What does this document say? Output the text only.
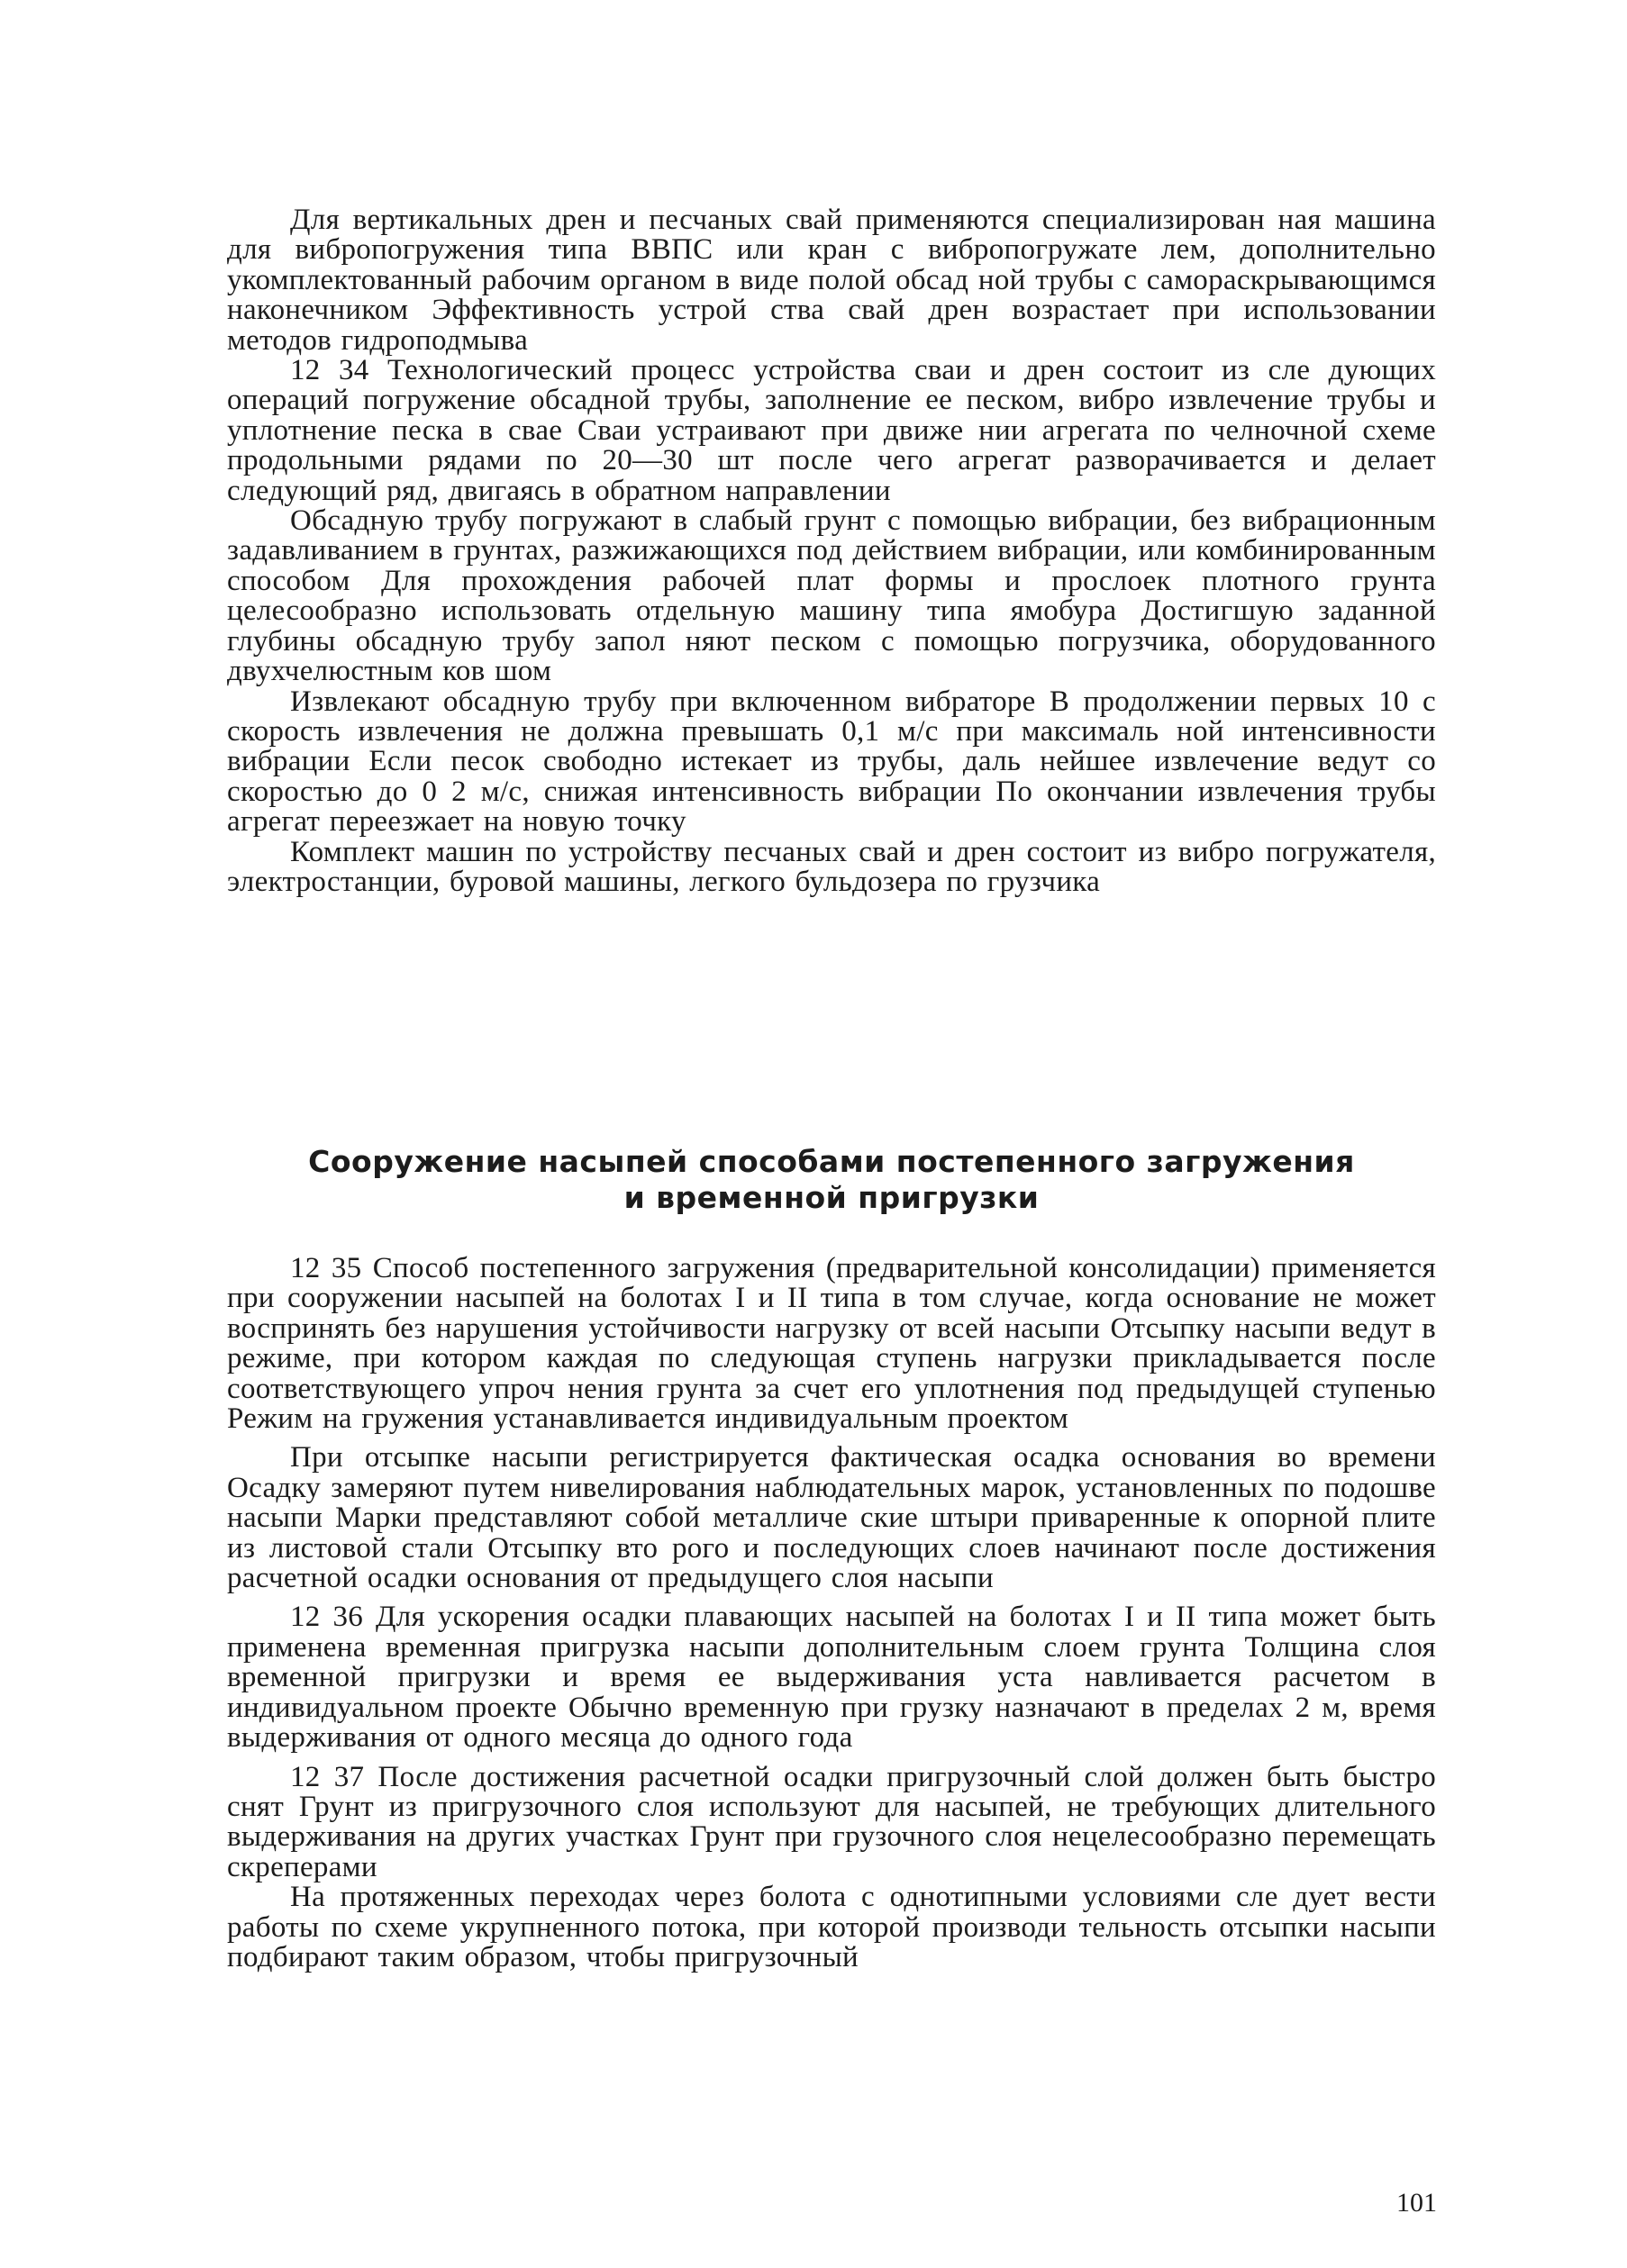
Для вертикальных дрен и песчаных свай применяются специализирован ная машина для вибропогружения типа ВВПС или кран с вибропогружате лем, дополнительно укомплектованный рабочим органом в виде полой обсад ной трубы с самораскрывающимся наконечником Эффективность устрой ства свай дрен возрастает при использовании методов гидроподмыва

12 34 Технологический процесс устройства сваи и дрен состоит из сле дующих операций погружение обсадной трубы, заполнение ее песком, вибро извлечение трубы и уплотнение песка в свае Сваи устраивают при движе нии агрегата по челночной схеме продольными рядами по 20—30 шт после чего агрегат разворачивается и делает следующий ряд, двигаясь в обратном направлении

Обсадную трубу погружают в слабый грунт с помощью вибрации, без вибрационным задавливанием в грунтах, разжижающихся под действием вибрации, или комбинированным способом Для прохождения рабочей плат формы и прослоек плотного грунта целесообразно использовать отдельную машину типа ямобура Достигшую заданной глубины обсадную трубу запол няют песком с помощью погрузчика, оборудованного двухчелюстным ков шом

Извлекают обсадную трубу при включенном вибраторе В продолжении первых 10 с скорость извлечения не должна превышать 0,1 м/с при максималь ной интенсивности вибрации Если песок свободно истекает из трубы, даль нейшее извлечение ведут со скоростью до 0 2 м/с, снижая интенсивность вибрации По окончании извлечения трубы агрегат переезжает на новую точку

Комплект машин по устройству песчаных свай и дрен состоит из вибро погружателя, электростанции, буровой машины, легкого бульдозера по грузчика

Сооружение насыпей способами постепенного загружения
и временной пригрузки

12 35 Способ постепенного загружения (предварительной консолидации) применяется при сооружении насыпей на болотах I и II типа в том случае, когда основание не может воспринять без нарушения устойчивости нагрузку от всей насыпи Отсыпку насыпи ведут в режиме, при котором каждая по следующая ступень нагрузки прикладывается после соответствующего упроч нения грунта за счет его уплотнения под предыдущей ступенью Режим на гружения устанавливается индивидуальным проектом

При отсыпке насыпи регистрируется фактическая осадка основания во времени Осадку замеряют путем нивелирования наблюдательных марок, установленных по подошве насыпи Марки представляют собой металличе ские штыри приваренные к опорной плите из листовой стали Отсыпку вто рого и последующих слоев начинают после достижения расчетной осадки основания от предыдущего слоя насыпи

12 36 Для ускорения осадки плавающих насыпей на болотах I и II типа может быть применена временная пригрузка насыпи дополнительным слоем грунта Толщина слоя временной пригрузки и время ее выдерживания уста навливается расчетом в индивидуальном проекте Обычно временную при грузку назначают в пределах 2 м, время выдерживания от одного месяца до одного года

12 37 После достижения расчетной осадки пригрузочный слой должен быть быстро снят Грунт из пригрузочного слоя используют для насыпей, не требующих длительного выдерживания на других участках Грунт при грузочного слоя нецелесообразно перемещать скреперами

На протяженных переходах через болота с однотипными условиями сле дует вести работы по схеме укрупненного потока, при которой производи тельность отсыпки насыпи подбирают таким образом, чтобы пригрузочный

101
